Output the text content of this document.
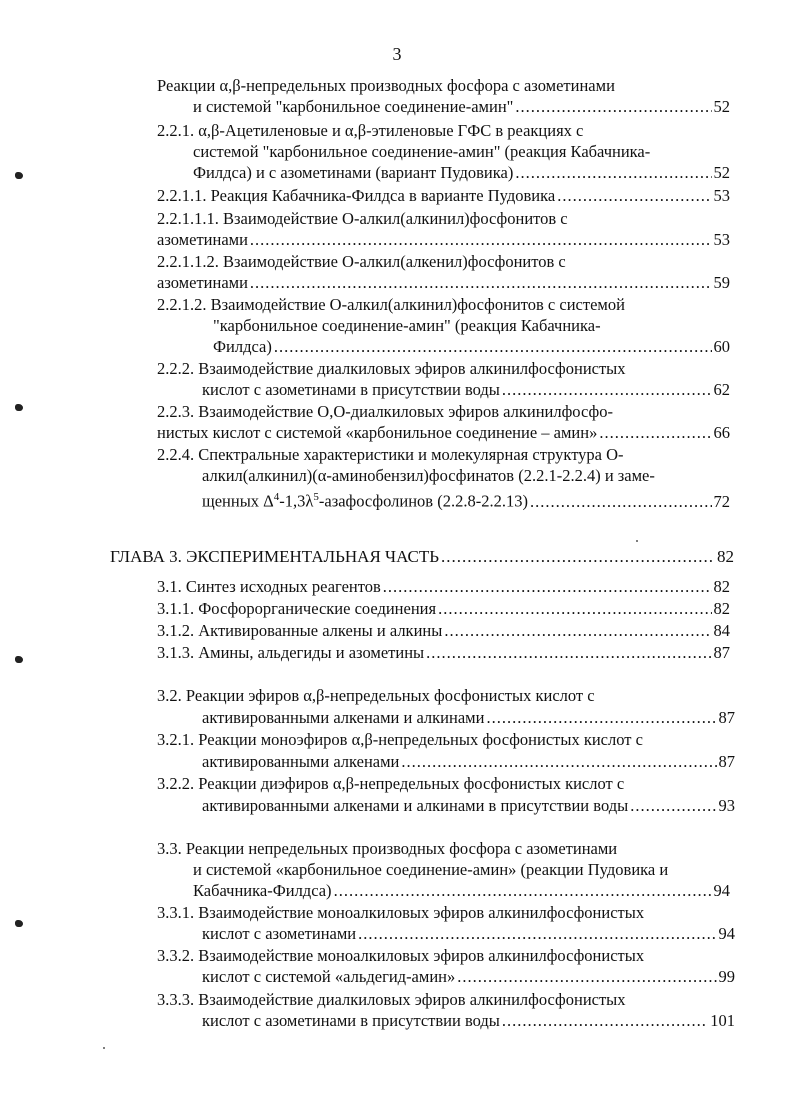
3
Реакции α,β-непредельных производных фосфора с азометинами
и системой "карбонильное соединение-амин" .....	52
2.2.1. α,β-Ацетиленовые и α,β-этиленовые ГФС в реакциях с
системой "карбонильное соединение-амин" (реакция Кабачника-
Филдса) и с азометинами (вариант Пудовика) .....	52
2.2.1.1. Реакция Кабачника-Филдса в варианте Пудовика .....	53
2.2.1.1.1. Взаимодействие О-алкил(алкинил)фосфонитов с
азометинами .....	53
2.2.1.1.2. Взаимодействие О-алкил(алкенил)фосфонитов с
азометинами .....	59
2.2.1.2. Взаимодействие О-алкил(алкинил)фосфонитов с системой
"карбонильное соединение-амин" (реакция Кабачника-
Филдса) .....	60
2.2.2. Взаимодействие диалкиловых эфиров алкинилфосфонистых
кислот с азометинами в присутствии воды .....	62
2.2.3. Взаимодействие О,О-диалкиловых эфиров алкинилфосфо-
нистых кислот с системой «карбонильное соединение – амин» .....	66
2.2.4. Спектральные характеристики и молекулярная структура О-
алкил(алкинил)(α-аминобензил)фосфинатов (2.2.1-2.2.4) и заме-
щенных $\Delta^4-1,3\lambda^5$-азафосфолинов (2.2.8-2.2.13) .....	72
ГЛАВА 3. ЭКСПЕРИМЕНТАЛЬНАЯ ЧАСТЬ .....	82
3.1. Синтез исходных реагентов .....	82
3.1.1. Фосфорорганические соединения .....	82
3.1.2. Активированные алкены и алкины .....	84
3.1.3. Амины, альдегиды и азометины .....	87
3.2. Реакции эфиров α,β-непредельных фосфонистых кислот с
активированными алкенами и алкинами .....	87
3.2.1. Реакции моноэфиров α,β-непредельных фосфонистых кислот с
активированными алкенами .....	87
3.2.2. Реакции диэфиров α,β-непредельных фосфонистых кислот с
активированными алкенами и алкинами в присутствии воды .....	93
3.3. Реакции непредельных производных фосфора с азометинами
и системой «карбонильное соединение-амин» (реакции Пудовика и
Кабачника-Филдса) .....	94
3.3.1. Взаимодействие моноалкиловых эфиров алкинилфосфонистых
кислот с азометинами .....	94
3.3.2. Взаимодействие моноалкиловых эфиров алкинилфосфонистых
кислот с системой «альдегид-амин» .....	99
3.3.3. Взаимодействие диалкиловых эфиров алкинилфосфонистых
кислот с азометинами в присутствии воды .....	101
